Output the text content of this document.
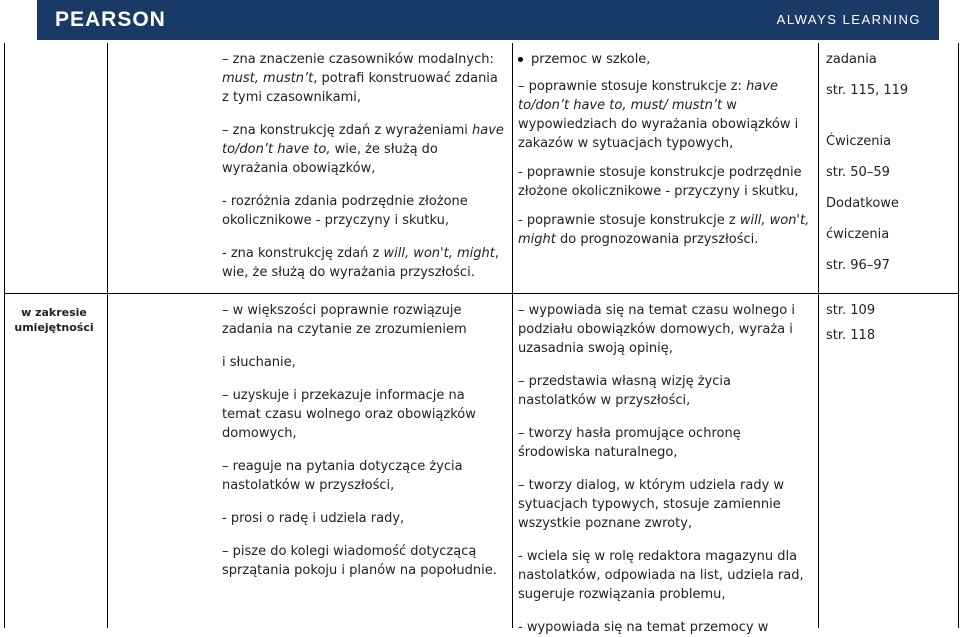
PEARSON	ALWAYS LEARNING
w zakresie umiejętności

– zna znaczenie czasowników modalnych: must, mustn’t, potrafi konstruować zdania z tymi czasownikami,

– zna konstrukcję zdań z wyrażeniami have to/don’t have to, wie, że służą do wyrażania obowiązków,

- rozróżnia zdania podrzędnie złożone okolicznikowe - przyczyny i skutku,

- zna konstrukcję zdań z will, won't, might, wie, że służą do wyrażania przyszłości.

przemoc w szkole,

– poprawnie stosuje konstrukcje z: have to/don’t have to, must/ mustn’t w wypowiedziach do wyrażania obowiązków i zakazów w sytuacjach typowych,

- poprawnie stosuje konstrukcje podrzędnie złożone okolicznikowe - przyczyny i skutku,

- poprawnie stosuje konstrukcje z will, won't, might do prognozowania przyszłości.

zadania
str. 115, 119
Ćwiczenia
str. 50–59
Dodatkowe
ćwiczenia
str. 96–97

– w większości poprawnie rozwiązuje zadania na czytanie ze zrozumieniem

i słuchanie,

– uzyskuje i przekazuje informacje na temat czasu wolnego oraz obowiązków domowych,

– reaguje na pytania dotyczące życia nastolatków w przyszłości,

- prosi o radę i udziela rady,

– pisze do kolegi wiadomość dotyczącą sprzątania pokoju i planów na popołudnie.

– wypowiada się na temat czasu wolnego i podziału obowiązków domowych, wyraża i uzasadnia swoją opinię,

– przedstawia własną wizję życia nastolatków w przyszłości,

– tworzy hasła promujące ochronę środowiska naturalnego,

– tworzy dialog, w którym udziela rady w sytuacjach typowych, stosuje zamiennie wszystkie poznane zwroty,

- wciela się w rolę redaktora magazynu dla nastolatków, odpowiada na list, udziela rad, sugeruje rozwiązania problemu,

- wypowiada się na temat przemocy w

str. 109
str. 118
